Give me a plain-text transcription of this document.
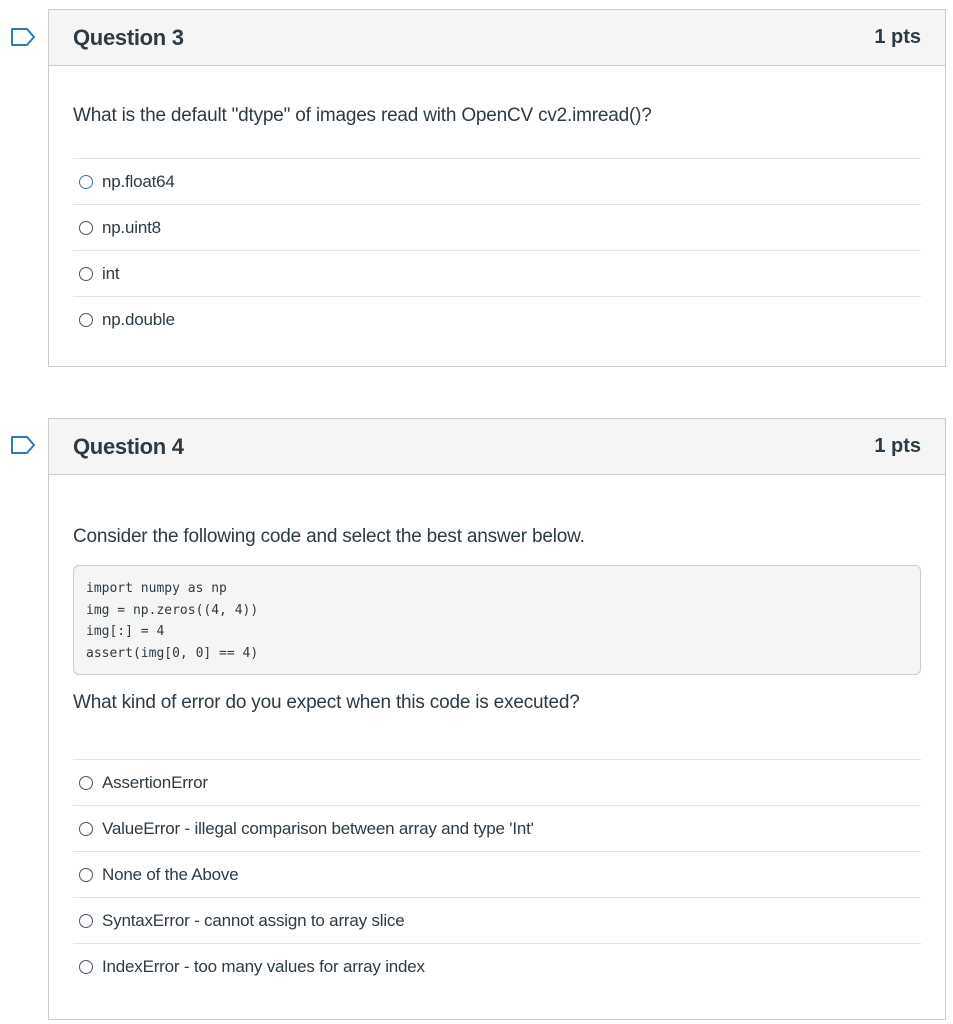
Question 3	1 pts

What is the default "dtype" of images read with OpenCV cv2.imread()?

np.float64
np.uint8
int
np.double
Question 4	1 pts

Consider the following code and select the best answer below.

import numpy as np
img = np.zeros((4, 4))
img[:] = 4
assert(img[0, 0] == 4)

What kind of error do you expect when this code is executed?

AssertionError
ValueError - illegal comparison between array and type 'Int'
None of the Above
SyntaxError - cannot assign to array slice
IndexError - too many values for array index
